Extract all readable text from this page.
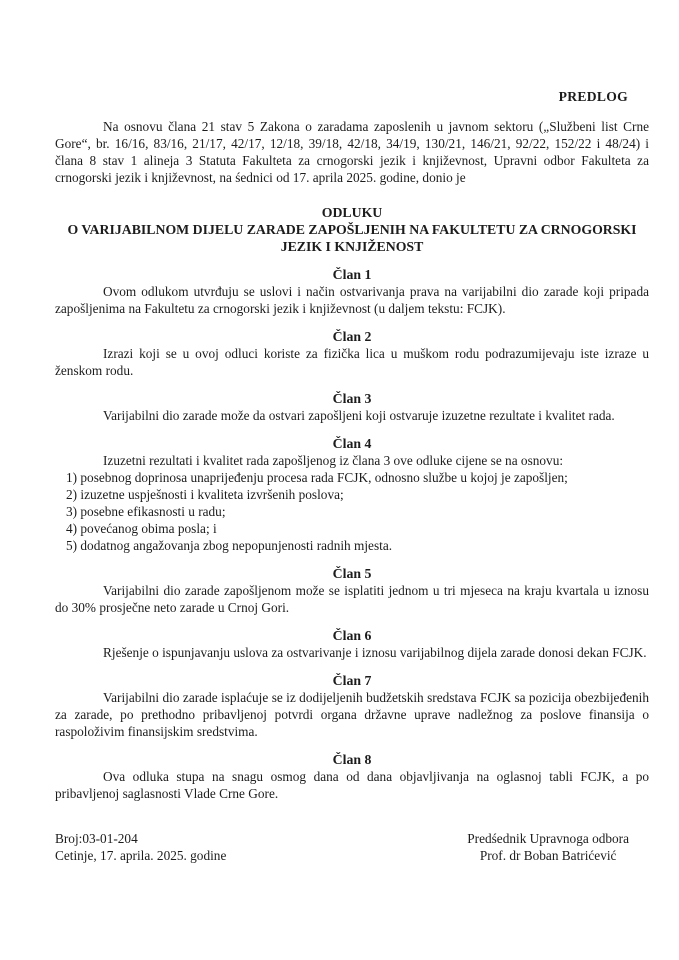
PREDLOG

Na osnovu člana 21 stav 5 Zakona o zaradama zaposlenih u javnom sektoru („Službeni list Crne Gore“, br. 16/16, 83/16, 21/17, 42/17, 12/18, 39/18, 42/18, 34/19, 130/21, 146/21, 92/22, 152/22 i 48/24) i člana 8 stav 1 alineja 3 Statuta Fakulteta za crnogorski jezik i književnost, Upravni odbor Fakulteta za crnogorski jezik i književnost, na śednici od 17. aprila 2025. godine, donio je

ODLUKU
O VARIJABILNOM DIJELU ZARADE ZAPOŠLJENIH NA FAKULTETU ZA CRNOGORSKI
JEZIK I KNJIŽENOST
Član 1

Ovom odlukom utvrđuju se uslovi i način ostvarivanja prava na varijabilni dio zarade koji pripada zapošljenima na Fakultetu za crnogorski jezik i književnost (u daljem tekstu: FCJK).

Član 2

Izrazi koji se u ovoj odluci koriste za fizička lica u muškom rodu podrazumijevaju iste izraze u ženskom rodu.

Član 3

Varijabilni dio zarade može da ostvari zapošljeni koji ostvaruje izuzetne rezultate i kvalitet rada.

Član 4

Izuzetni rezultati i kvalitet rada zapošljenog iz člana 3 ove odluke cijene se na osnovu:

1) posebnog doprinosa unaprijeđenju procesa rada FCJK, odnosno službe u kojoj je zapošljen;
2) izuzetne uspješnosti i kvaliteta izvršenih poslova;
3) posebne efikasnosti u radu;
4) povećanog obima posla; i
5) dodatnog angažovanja zbog nepopunjenosti radnih mjesta.
Član 5

Varijabilni dio zarade zapošljenom može se isplatiti jednom u tri mjeseca na kraju kvartala u iznosu do 30% prosječne neto zarade u Crnoj Gori.

Član 6

Rješenje o ispunjavanju uslova za ostvarivanje i iznosu varijabilnog dijela zarade donosi dekan FCJK.

Član 7

Varijabilni dio zarade isplaćuje se iz dodijeljenih budžetskih sredstava FCJK sa pozicija obezbijeđenih za zarade, po prethodno pribavljenoj potvrdi organa državne uprave nadležnog za poslove finansija o raspoloživim finansijskim sredstvima.

Član 8

Ova odluka stupa na snagu osmog dana od dana objavljivanja na oglasnoj tabli FCJK, a po pribavljenoj saglasnosti Vlade Crne Gore.

Broj:03-01-204
Cetinje, 17. aprila. 2025. godine
Predśednik Upravnoga odbora
Prof. dr Boban Batrićević
